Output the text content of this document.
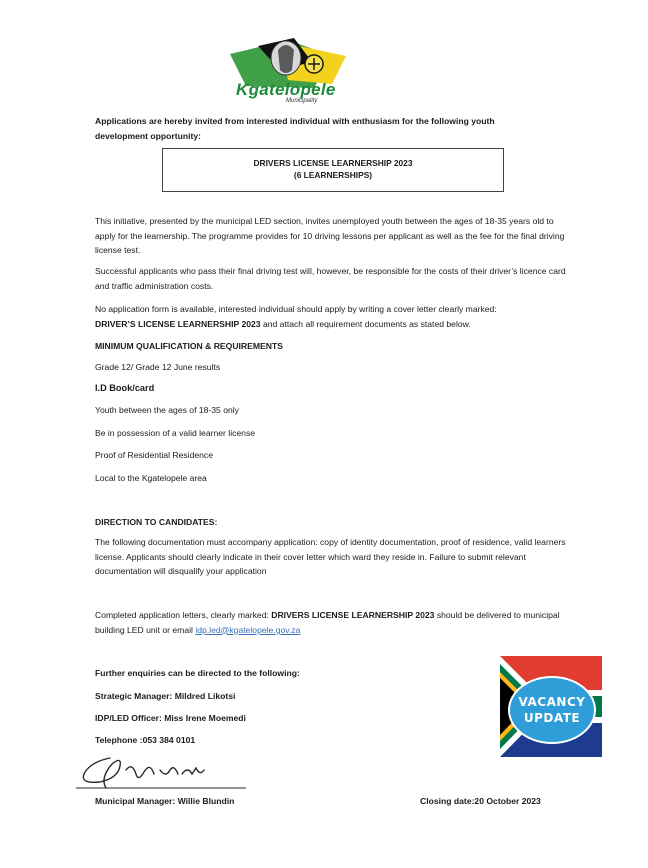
Kgatelopele
Municipality
Applications are hereby invited from interested individual with enthusiasm for the following youth development opportunity:
DRIVERS LICENSE LEARNERSHIP 2023
(6 LEARNERSHIPS)
This initiative, presented by the municipal LED section, invites unemployed youth between the ages of 18-35 years old to apply for the learnership. The programme provides for 10 driving lessons per applicant as well as the fee for the final driving license test.
Successful applicants who pass their final driving test will, however, be responsible for the costs of their driver’s licence card and traffic administration costs.
No application form is available, interested individual should apply by writing a cover letter clearly marked:
DRIVER’S LICENSE LEARNERSHIP 2023 and attach all requirement documents as stated below.
MINIMUM QUALIFICATION & REQUIREMENTS
Grade 12/ Grade 12 June results
I.D Book/card
Youth between the ages of 18-35 only
Be in possession of a valid learner license
Proof of Residential Residence
Local to the Kgatelopele area
DIRECTION TO CANDIDATES:
The following documentation must accompany application: copy of identity documentation, proof of residence, valid learners license. Applicants should clearly indicate in their cover letter which ward they reside in. Failure to submit relevant documentation will disqualify your application
Completed application letters, clearly marked: DRIVERS LICENSE LEARNERSHIP 2023 should be delivered to municipal building LED unit or email idp.led@kgatelopele.gov.za
Further enquiries can be directed to the following:
Strategic Manager: Mildred Likotsi
IDP/LED Officer: Miss Irene Moemedi
Telephone :053 384 0101
Municipal Manager: Willie Blundin	Closing date:20 October 2023
VACANCY
UPDATE
